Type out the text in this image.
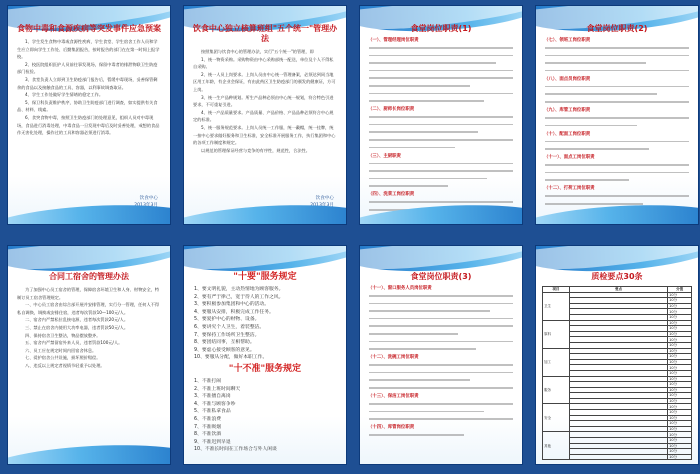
食物中毒和食源疾病等突发事件应急预案
1、学生发生食物中毒或食源性疾病，学生食堂、学生宿舍工作人员和学生应立即向学生工作处、后勤集团报告，按时报告的部门在在第一时间上报学校。
2、校医院组织医护人员前往事发现场，保留中毒者的排泄物联卫生防疫部门检验。
3、食堂负责人立即到卫生防疫部门报告后，暂缓中毒现场，妥善保管剩余的食品以及接触食品的工具、容器，以利事故调查取证。
4、学生工作处做好学生情绪的稳定工作。
5、保卫科负责维护秩序，协助卫生防疫部门进行调查，如实提供有关食品、材料、线索。
6、食突食物中毒，按照卫生防疫部门的处理意见，组织人员对中毒现场，食品进行消毒处理，中毒食品一旦发现中毒后及时妥善处理，戒想的食品作无害化处理，操作过的工具和容器必须进行消毒。
饮食中心
饮食中心独立核算班组"五个统一"管理办法
按照集团与饮食中心的管理办法，实行"五个统一"的管理，即
1、统一物资采购。采购物资由中心采购部统一配送，单位及个人不得私自采购。
2、统一人员上岗要求。上岗人员由中心统一管理备案，必须达到同当地区用工年龄，有企业会保证，有由此药区卫生防疫部门的颁发的健康证，方可上岗。
3、统一生产品种规划。所生产品种必须由中心统一规划，符合特色引进要求，不可重复引进。
4、统一产品质量要求。产品质量、产品价格、产品品种必须符合中心规定的标准。
5、统一服务规范要求。上岗人员统一工作服，统一戴帽，统一挂牌，统一按中心要求做好服务和卫生标准，安全标准开展服务工作，执行集团和中心的各项工作制度和规定。
以规范的管理保证经营与竞争的有序性，规范性，合法性。
饮食中心
食堂岗位职责(1)
（一）、管理经理岗位职责
（二）、厨师长岗位职责
（三）、主厨职责
（四）、洗菜工岗位职责
食堂岗位职责(2)
（七）、领班工岗位职责
（八）、面点员岗位职责
（九）、库管工岗位职责
（十）、配面工岗位职责
（十一）、面点工岗位职责
（十二）、打荷工岗位职责
合同工宿舍的管理办法
为了加强中心员工宿舍的管理，保障宿舍环境卫生和人身、财物安全，特制订员工宿舍管理规定。
一、中心员工宿舍由综合部开展并安排管理，实行分一管理，任何人不得私自调换，调换或安排住宿，违者每次罚款10—100元/人。
二、宿舍内严禁私拉乱接电源，违者每次罚款20元/人。
三、禁止在宿舍内使用大功率电器，违者罚款50元/人。
四、保持宿舍卫生整洁，物品摆放整齐。
五、宿舍内严禁留宿外来人员，违者罚款100元/人。
六、员工应在规定时间内回宿舍休息。
七、爱护宿舍公共设施，损坏照价赔偿。
八、违反以上规定者视情节轻重予以处理。
"十要"服务规定
1、要文明礼貌，主动热情地为顾客服务。
2、要有严于律己，宽于待人的工作之风。
3、要积极参加集团和中心的活动。
4、要服从安排，积极完成工作任务。
5、要爱护中心的财物、设备。
6、要讲究个人卫生，着装整洁。
7、要保持工作场所卫生整洁。
8、要团结同事，互相帮助。
9、要虚心接受顾客的意见。
10、要服从分配，做好本职工作。
"十不准"服务规定
1、不准打闹
2、不准上班时间聊天
3、不准擅自离岗
4、不准与顾客争吵
5、不准私拿食品
6、不准浪费
7、不准吸烟
8、不准饮酒
9、不准迟到早退
10、不准长时间在工作场合与外人闲谈
食堂岗位职责(3)
（十一）、窗口服务人员岗位职责
（十二）、洗碗工岗位职责
（十三）、保洁工岗位职责
（十四）、库管岗位职责
质检要点30条
项目	要点	分值
卫生		10分
		10分
		10分
		10分
		10分
原料		10分
		10分
		10分
		10分
		10分
加工		10分
		10分
		10分
		10分
		10分
服务		10分
		10分
		10分
		10分
		10分
安全		10分
		10分
		10分
		10分
		10分
其他		10分
		10分
		10分
		10分
		10分
